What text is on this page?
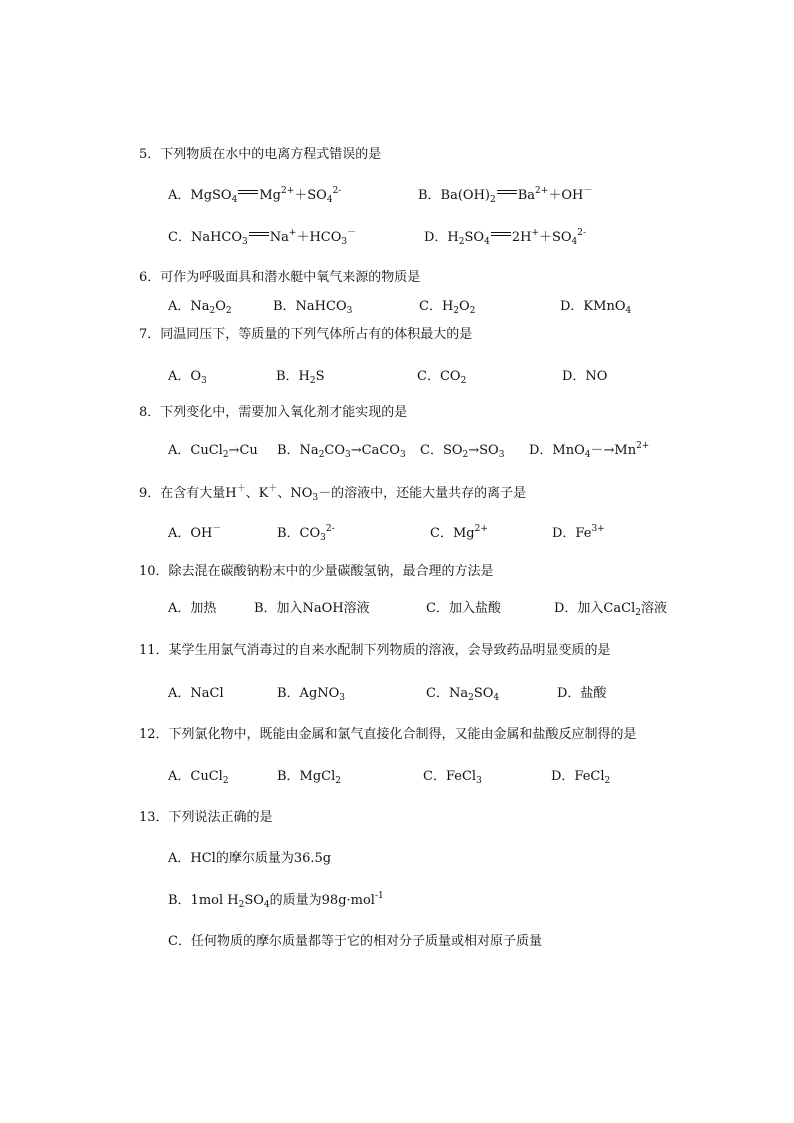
5．下列物质在水中的电离方程式错误的是
A．MgSO$_4$ $Mg^{2+}+SO_4^{2-}$	B．$Ba(OH)_2$ $Ba^{2+}+OH^-$
C．NaHCO$_3$ $Na^++HCO_3^-$	D．$H_2SO_4$ $2H^++SO_4^{2-}$
6．可作为呼吸面具和潜水艇中氧气来源的物质是
A．$Na_2O_2$	B．NaHCO$_3$	C．$H_2O_2$	D．KMnO$_4$
7．同温同压下，等质量的下列气体所占有的体积最大的是
A．$O_3$	B．$H_2S$	C．$CO_2$	D．NO
8．下列变化中，需要加入氧化剂才能实现的是
A．CuCl$_2$→Cu B．$Na_2CO_3\to CaCO_3$ C．$SO_2\to SO_3$ D．$MnO_4-\to Mn^{2+}$
9．在含有大量H＋、K＋、$NO_3-$的溶液中，还能大量共存的离子是
A．OH－	B．$CO_3^{2-}$	C．$Mg^{2+}$	D．$Fe^{3+}$
10．除去混在碳酸钠粉末中的少量碳酸氢钠，最合理的方法是
A．加热	B．加入NaOH溶液	C．加入盐酸	D．加入CaCl$_2$溶液
11．某学生用氯气消毒过的自来水配制下列物质的溶液，会导致药品明显变质的是
A．NaCl	B．AgNO$_3$	C．$Na_2SO_4$	D．盐酸
12．下列氯化物中，既能由金属和氯气直接化合制得，又能由金属和盐酸反应制得的是
A．CuCl$_2$	B．MgCl$_2$	C．FeCl$_3$	D．FeCl$_2$
13．下列说法正确的是
A．HCl的摩尔质量为36.5g
B．1mol $H_2SO_4$的质量为98g·mol$^{-1}$
C．任何物质的摩尔质量都等于它的相对分子质量或相对原子质量
